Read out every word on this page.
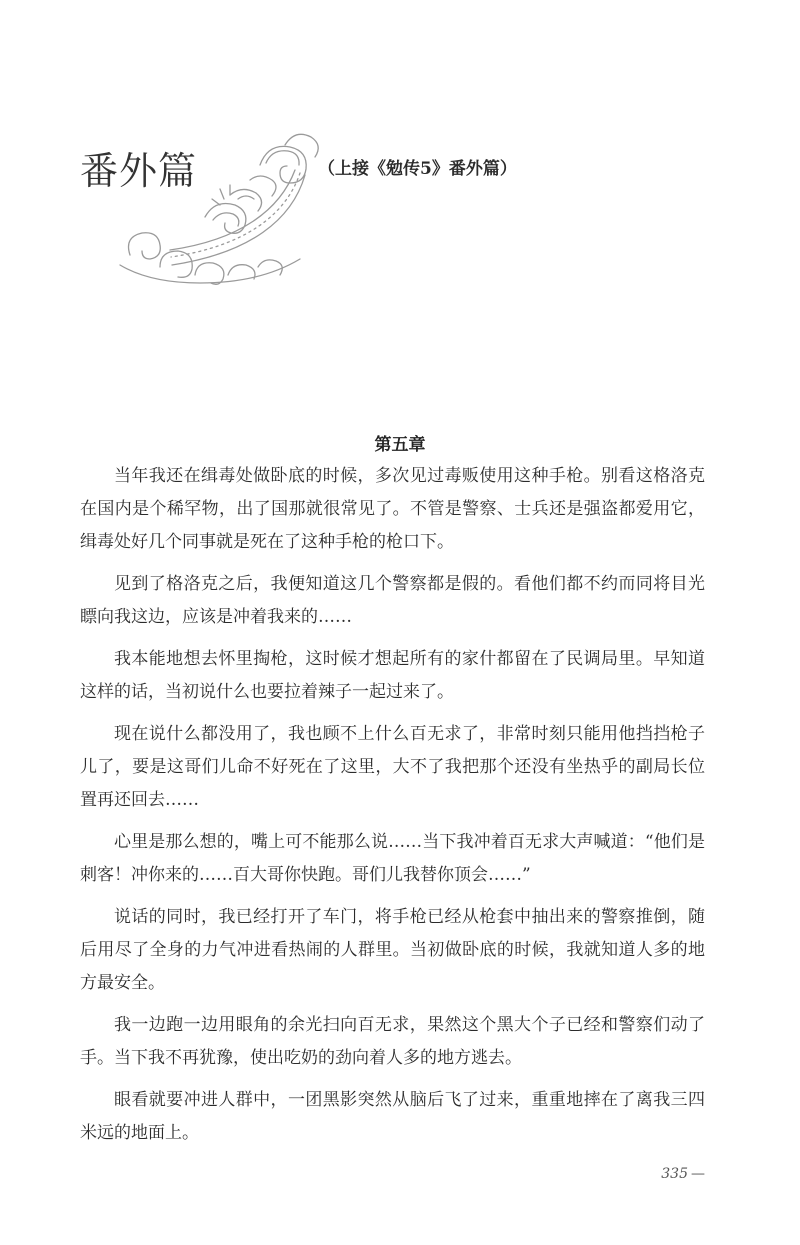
番外篇	（上接《勉传5》番外篇）
第五章

当年我还在缉毒处做卧底的时候，多次见过毒贩使用这种手枪。别看这格洛克在国内是个稀罕物，出了国那就很常见了。不管是警察、士兵还是强盗都爱用它，缉毒处好几个同事就是死在了这种手枪的枪口下。

见到了格洛克之后，我便知道这几个警察都是假的。看他们都不约而同将目光瞟向我这边，应该是冲着我来的……

我本能地想去怀里掏枪，这时候才想起所有的家什都留在了民调局里。早知道这样的话，当初说什么也要拉着辣子一起过来了。

现在说什么都没用了，我也顾不上什么百无求了，非常时刻只能用他挡挡枪子儿了，要是这哥们儿命不好死在了这里，大不了我把那个还没有坐热乎的副局长位置再还回去……

心里是那么想的，嘴上可不能那么说……当下我冲着百无求大声喊道：“他们是刺客！冲你来的……百大哥你快跑。哥们儿我替你顶会……”

说话的同时，我已经打开了车门，将手枪已经从枪套中抽出来的警察推倒，随后用尽了全身的力气冲进看热闹的人群里。当初做卧底的时候，我就知道人多的地方最安全。

我一边跑一边用眼角的余光扫向百无求，果然这个黑大个子已经和警察们动了手。当下我不再犹豫，使出吃奶的劲向着人多的地方逃去。

眼看就要冲进人群中，一团黑影突然从脑后飞了过来，重重地摔在了离我三四米远的地面上。

335 —
